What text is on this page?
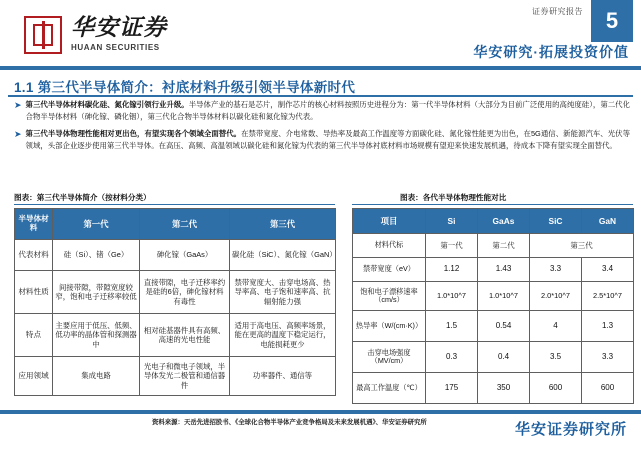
证券研究报告	5
华安证券
HUAAN SECURITIES	华安研究·拓展投资价值
1.1 第三代半导体简介：衬底材料升级引领半导体新时代
➤ 第三代半导体材料碳化硅、氮化镓引领行业升级。半导体产业的基石是芯片，制作芯片的核心材料按照历史进程分为：第一代半导体材料（大部分为目前广泛使用的高纯度硅），第二代化合物半导体材料（砷化镓、磷化铟），第三代化合物半导体材料以碳化硅和氮化镓为代表。
➤ 第三代半导体物理性能相对更出色，有望实现各个领域全面替代。在禁带宽度、介电常数、导热率及最高工作温度等方面碳化硅、氮化镓性能更为出色，在5G通信、新能源汽车、光伏等领域，头部企业逐步使用第三代半导体。在高压、高频、高温领域以碳化硅和氮化镓为代表的第三代半导体衬底材料市场规模有望迎来快速发展机遇，待成本下降有望实现全面替代。
图表：第三代半导体简介（按材料分类）	图表：各代半导体物理性能对比
半导体材料	第一代	第二代	第三代
代表材料	硅（Si）、锗（Ge）	砷化镓（GaAs）	碳化硅（SiC）、氮化镓（GaN）
材料性质	间接带隙，带隙宽度较窄，饱和电子迁移率较低	直接带隙，电子迁移率约是硅的6倍，砷化镓材料有毒性	禁带宽度大、击穿电场高、热导率高、电子饱和速率高、抗辐射能力强
特点	主要应用于低压、低频、低功率的晶体管和探测器中	相对硅基器件具有高频、高速的光电性能	适用于高电压、高频率场景，能在更高的温度下稳定运行，电能损耗更少
应用领域	集成电路	光电子和微电子领域，半导体发光二极管和通信器件	功率器件、通信等
项目	Si	GaAs	SiC	GaN
材料代标	第一代	第二代	第三代	
禁带宽度（eV）	1.12	1.43	3.3	3.4
饱和电子漂移速率（cm/s）	1.0*10^7	1.0*10^7	2.0*10^7	2.5*10^7
热导率（W/(cm·K)）	1.5	0.54	4	1.3
击穿电场强度（MV/cm）	0.3	0.4	3.5	3.3
最高工作温度（℃）	175	350	600	600
资料来源：天岳先进招股书、《全球化合物半导体产业竞争格局及未来发展机遇》、华安证券研究所	华安证券研究所
